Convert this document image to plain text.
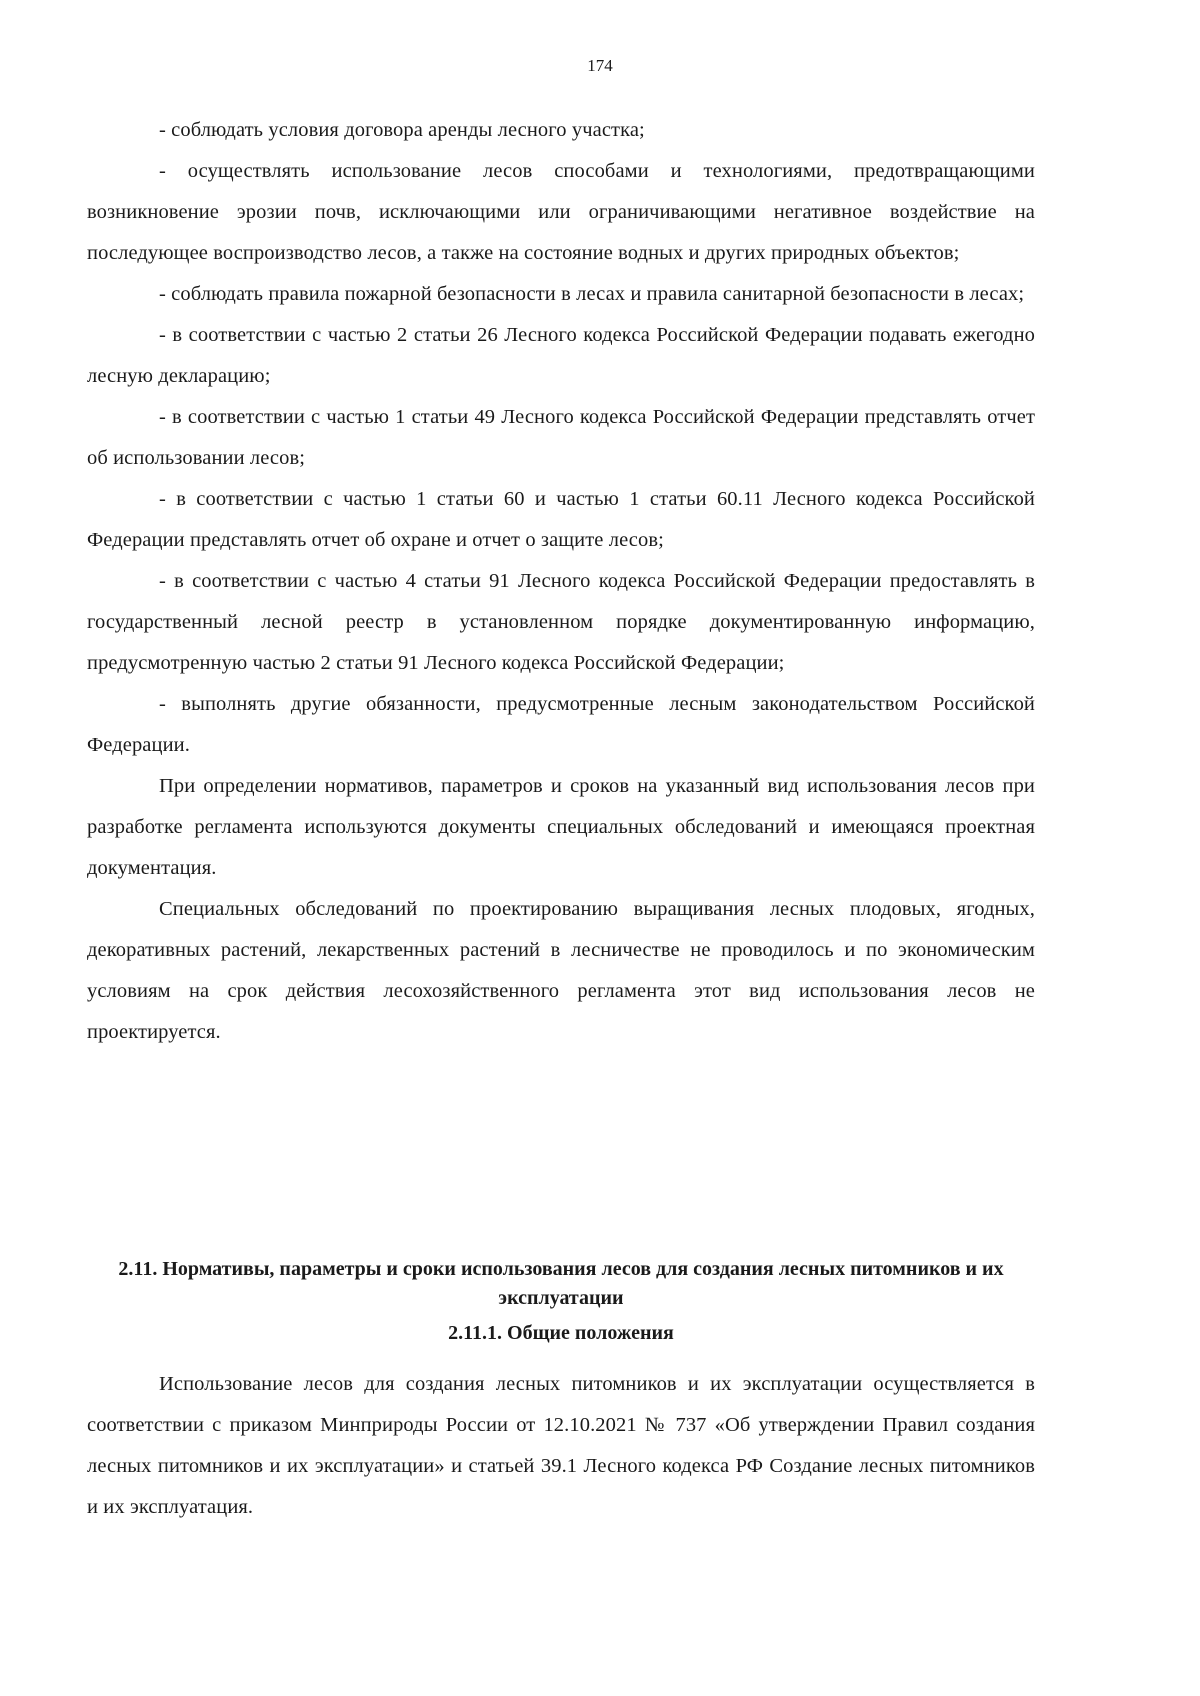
174

- соблюдать условия договора аренды лесного участка;

- осуществлять использование лесов способами и технологиями, предотвращающими возникновение эрозии почв, исключающими или ограничивающими негативное воздействие на последующее воспроизводство лесов, а также на состояние водных и других природных объектов;

- соблюдать правила пожарной безопасности в лесах и правила санитарной безопасности в лесах;

- в соответствии с частью 2 статьи 26 Лесного кодекса Российской Федерации подавать ежегодно лесную декларацию;

- в соответствии с частью 1 статьи 49 Лесного кодекса Российской Федерации представлять отчет об использовании лесов;

- в соответствии с частью 1 статьи 60 и частью 1 статьи 60.11 Лесного кодекса Российской Федерации представлять отчет об охране и отчет о защите лесов;

- в соответствии с частью 4 статьи 91 Лесного кодекса Российской Федерации предоставлять в государственный лесной реестр в установленном порядке документированную информацию, предусмотренную частью 2 статьи 91 Лесного кодекса Российской Федерации;

- выполнять другие обязанности, предусмотренные лесным законодательством Российской Федерации.

При определении нормативов, параметров и сроков на указанный вид использования лесов при разработке регламента используются документы специальных обследований и имеющаяся проектная документация.

Специальных обследований по проектированию выращивания лесных плодовых, ягодных, декоративных растений, лекарственных растений в лесничестве не проводилось и по экономическим условиям на срок действия лесохозяйственного регламента этот вид использования лесов не проектируется.

2.11. Нормативы, параметры и сроки использования лесов для создания лесных питомников и их эксплуатации

2.11.1. Общие положения

Использование лесов для создания лесных питомников и их эксплуатации осуществляется в соответствии с приказом Минприроды России от 12.10.2021 № 737 «Об утверждении Правил создания лесных питомников и их эксплуатации» и статьей 39.1 Лесного кодекса РФ Создание лесных питомников и их эксплуатация.
